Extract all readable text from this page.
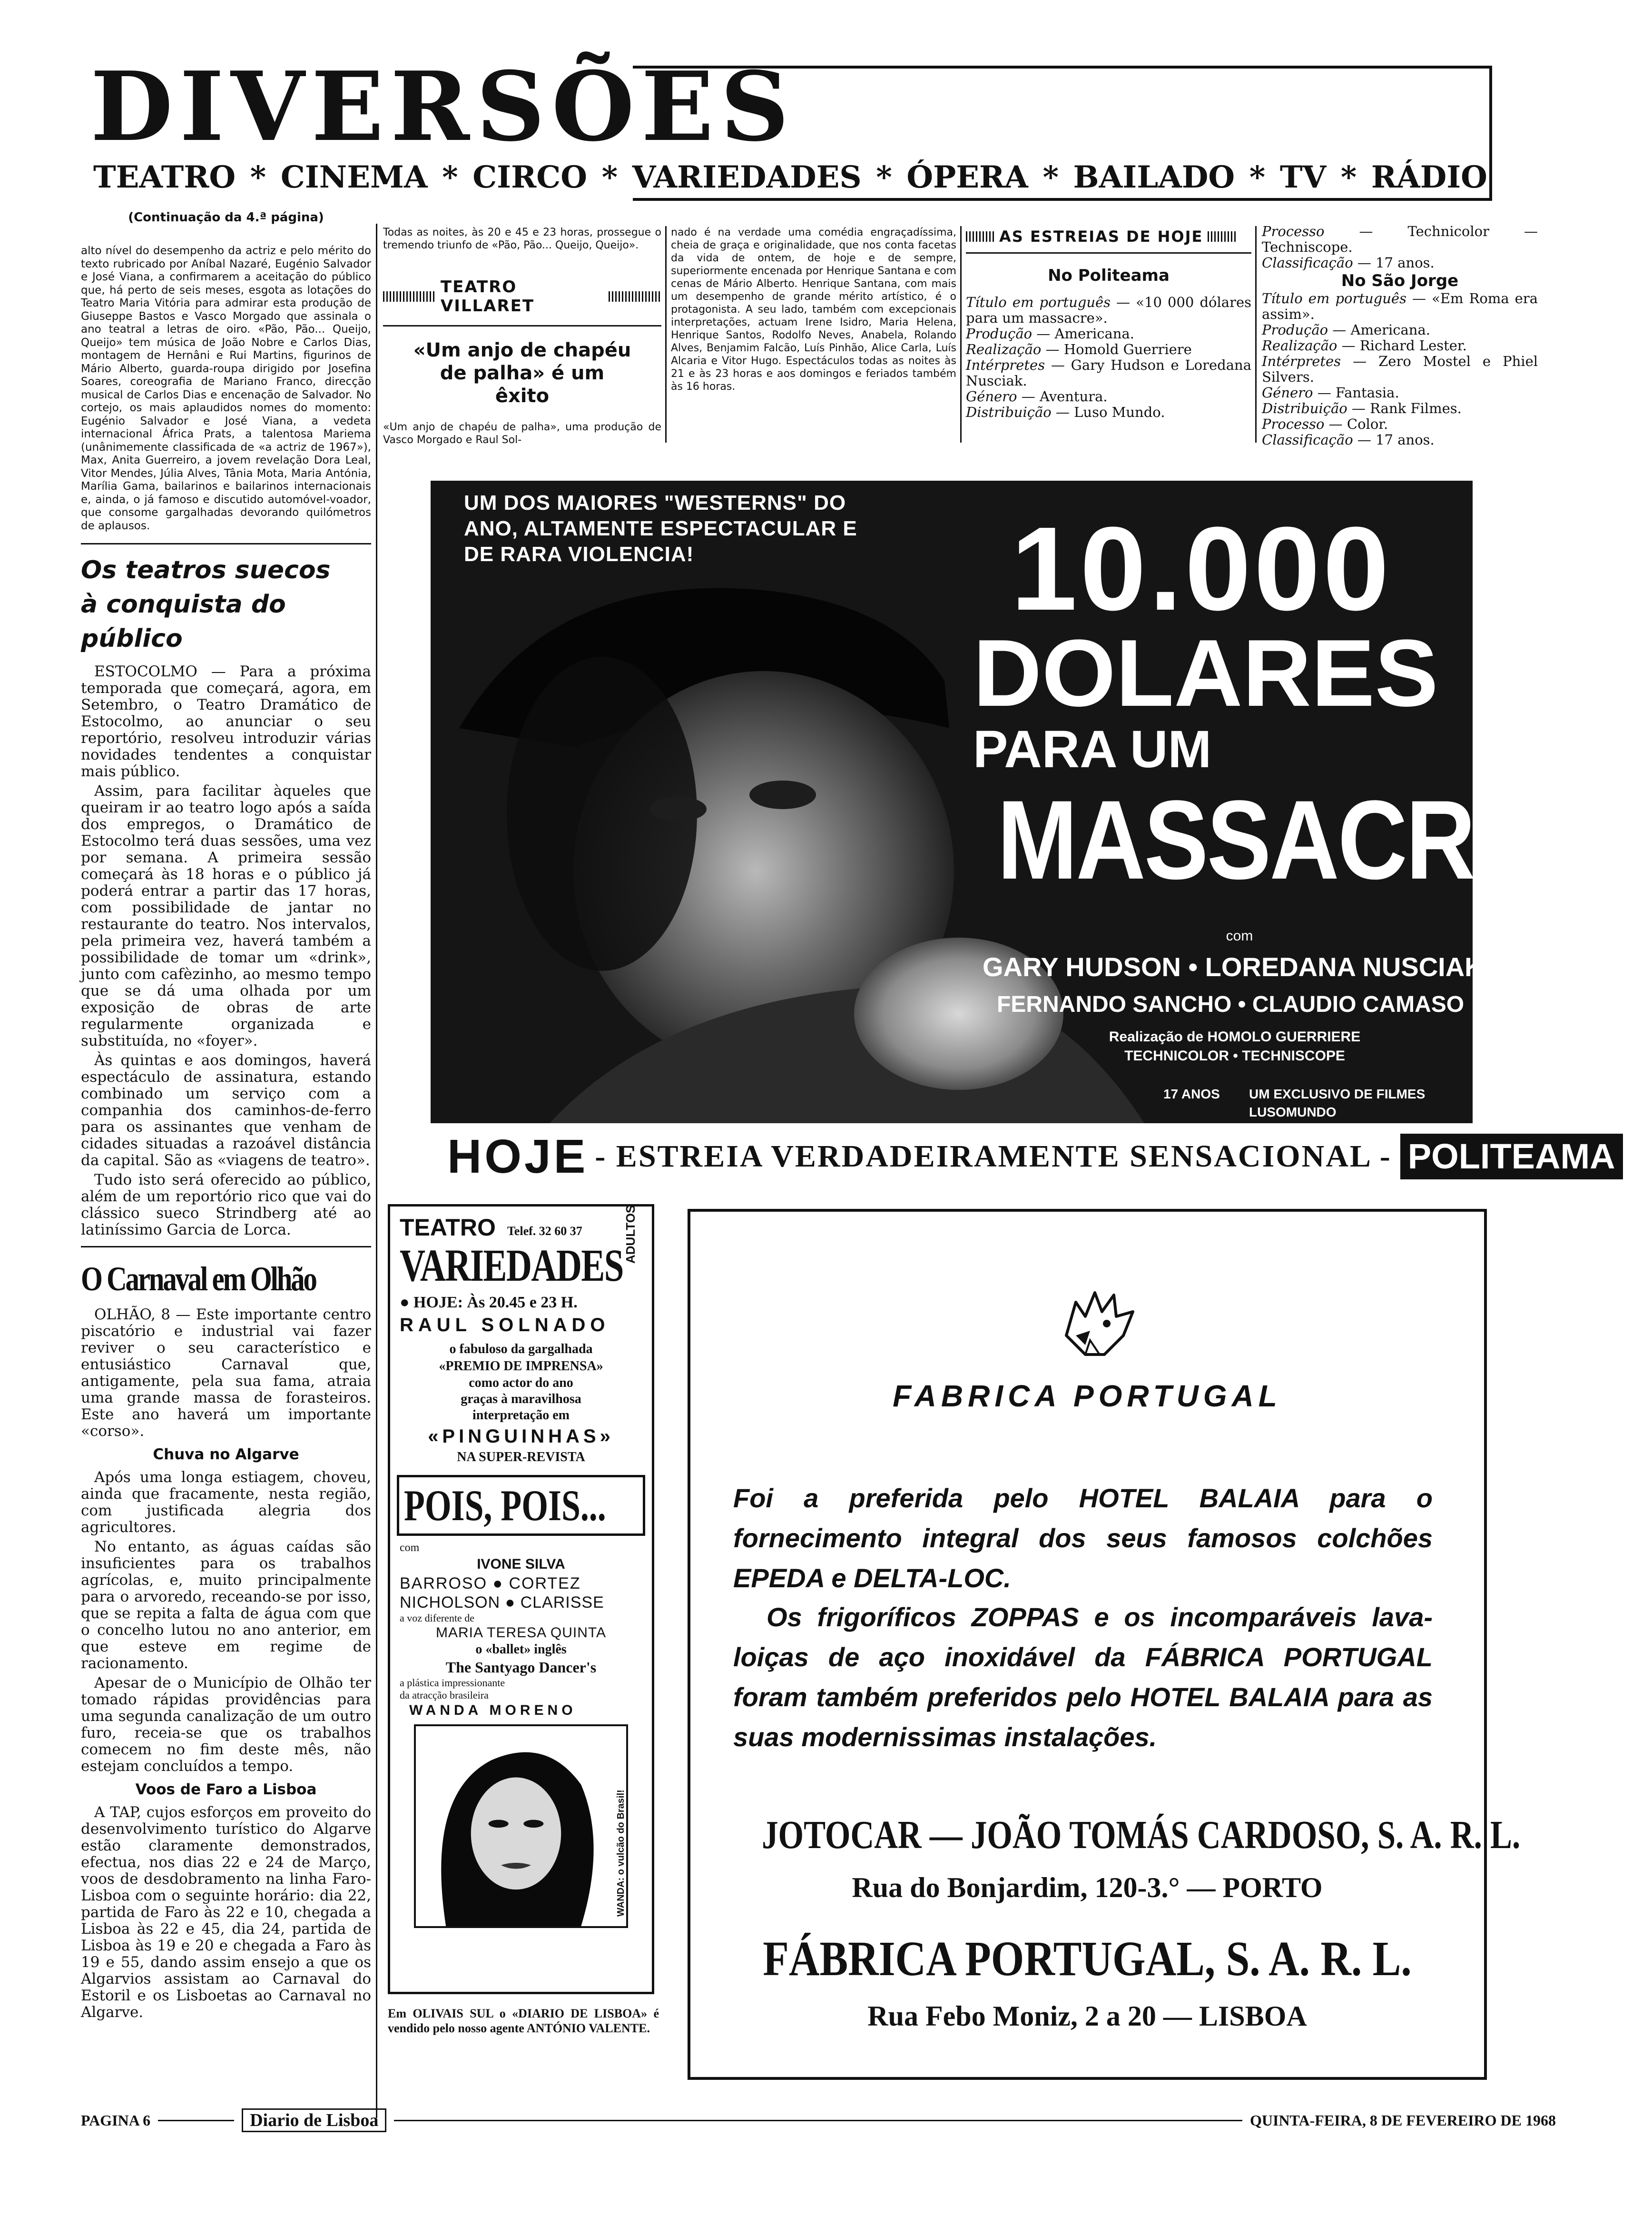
DIVERSÕES
TEATRO * CINEMA * CIRCO * VARIEDADES * ÓPERA * BAILADO * TV * RÁDIO
(Continuação da 4.ª página)
alto nível do desempenho da actriz e pelo mérito do texto rubricado por Aníbal Nazaré, Eugénio Salvador e José Viana, a confirmarem a aceitação do público que, há perto de seis meses, esgota as lotações do Teatro Maria Vitória para admirar esta produção de Giuseppe Bastos e Vasco Morgado que assinala o ano teatral a letras de oiro. «Pão, Pão... Queijo, Queijo» tem música de João Nobre e Carlos Dias, montagem de Hernâni e Rui Martins, figurinos de Mário Alberto, guarda-roupa dirigido por Josefina Soares, coreografia de Mariano Franco, direcção musical de Carlos Dias e encenação de Salvador. No cortejo, os mais aplaudidos nomes do momento: Eugénio Salvador e José Viana, a vedeta internacional África Prats, a talentosa Mariema (unânimemente classificada de «a actriz de 1967»), Max, Anita Guerreiro, a jovem revelação Dora Leal, Vitor Mendes, Júlia Alves, Tânia Mota, Maria Antónia, Marília Gama, bailarinos e bailarinos internacionais e, ainda, o já famoso e discutido automóvel-voador, que consome gargalhadas devorando quilómetros de aplausos.
Os teatros suecos
à conquista do público

ESTOCOLMO — Para a próxima temporada que começará, agora, em Setembro, o Teatro Dramático de Estocolmo, ao anunciar o seu reportório, resolveu introduzir várias novidades tendentes a conquistar mais público.

Assim, para facilitar àqueles que queiram ir ao teatro logo após a saída dos empregos, o Dramático de Estocolmo terá duas sessões, uma vez por semana. A primeira sessão começará às 18 horas e o público já poderá entrar a partir das 17 horas, com possibilidade de jantar no restaurante do teatro. Nos intervalos, pela primeira vez, haverá também a possibilidade de tomar um «drink», junto com cafèzinho, ao mesmo tempo que se dá uma olhada por um exposição de obras de arte regularmente organizada e substituída, no «foyer».

Às quintas e aos domingos, haverá espectáculo de assinatura, estando combinado um serviço com a companhia dos caminhos-de-ferro para os assinantes que venham de cidades situadas a razoável distância da capital. São as «viagens de teatro».

Tudo isto será oferecido ao público, além de um reportório rico que vai do clássico sueco Strindberg até ao latiníssimo Garcia de Lorca.

O Carnaval em Olhão

OLHÃO, 8 — Este importante centro piscatório e industrial vai fazer reviver o seu característico e entusiástico Carnaval que, antigamente, pela sua fama, atraia uma grande massa de forasteiros. Este ano haverá um importante «corso».

Chuva no Algarve

Após uma longa estiagem, choveu, ainda que fracamente, nesta região, com justificada alegria dos agricultores.

No entanto, as águas caídas são insuficientes para os trabalhos agrícolas, e, muito principalmente para o arvoredo, receando-se por isso, que se repita a falta de água com que o concelho lutou no ano anterior, em que esteve em regime de racionamento.

Apesar de o Município de Olhão ter tomado rápidas providências para uma segunda canalização de um outro furo, receia-se que os trabalhos comecem no fim deste mês, não estejam concluídos a tempo.

Voos de Faro a Lisboa

A TAP, cujos esforços em proveito do desenvolvimento turístico do Algarve estão claramente demonstrados, efectua, nos dias 22 e 24 de Março, voos de desdobramento na linha Faro-Lisboa com o seguinte horário: dia 22, partida de Faro às 22 e 10, chegada a Lisboa às 22 e 45, dia 24, partida de Lisboa às 19 e 20 e chegada a Faro às 19 e 55, dando assim ensejo a que os Algarvios assistam ao Carnaval do Estoril e os Lisboetas ao Carnaval no Algarve.

Todas as noites, às 20 e 45 e 23 horas, prossegue o tremendo triunfo de «Pão, Pão... Queijo, Queijo».
TEATRO VILLARET
«Um anjo de chapéu de palha» é um êxito
«Um anjo de chapéu de palha», uma produção de Vasco Morgado e Raul Sol-
nado é na verdade uma comédia engraçadíssima, cheia de graça e originalidade, que nos conta facetas da vida de ontem, de hoje e de sempre, superiormente encenada por Henrique Santana e com cenas de Mário Alberto. Henrique Santana, com mais um desempenho de grande mérito artístico, é o protagonista. A seu lado, também com excepcionais interpretações, actuam Irene Isidro, Maria Helena, Henrique Santos, Rodolfo Neves, Anabela, Rolando Alves, Benjamim Falcão, Luís Pinhão, Alice Carla, Luís Alcaria e Vitor Hugo. Espectáculos todas as noites às 21 e às 23 horas e aos domingos e feriados também às 16 horas.
AS ESTREIAS DE HOJE
No Politeama
Título em português — «10 000 dólares para um massacre».
Produção — Americana.
Realização — Homold Guerriere
Intérpretes — Gary Hudson e Loredana Nusciak.
Género — Aventura.
Distribuição — Luso Mundo.
Processo — Technicolor — Techniscope.
Classificação — 17 anos.
No São Jorge
Título em português — «Em Roma era assim».
Produção — Americana.
Realização — Richard Lester.
Intérpretes — Zero Mostel e Phiel Silvers.
Género — Fantasia.
Distribuição — Rank Filmes.
Processo — Color.
Classificação — 17 anos.
UM DOS MAIORES "WESTERNS" DO ANO, ALTAMENTE ESPECTACULAR E DE RARA VIOLENCIA!	10.000
DOLARES
PARA UM
MASSACRE
com
GARY HUDSON • LOREDANA NUSCIAK
FERNANDO SANCHO • CLAUDIO CAMASO
Realização de HOMOLO GUERRIERE
TECHNICOLOR • TECHNISCOPE
17 ANOS UM EXCLUSIVO DE FILMES LUSOMUNDO
HOJE - ESTREIA VERDADEIRAMENTE SENSACIONAL - POLITEAMA
TEATRO Telef. 32 60 37	ADULTOS
VARIEDADES
● HOJE: Às 20.45 e 23 H.
RAUL SOLNADO
o fabuloso da gargalhada
«PREMIO DE IMPRENSA»
como actor do ano
graças à maravilhosa
interpretação em
«PINGUINHAS»
NA SUPER-REVISTA
POIS, POIS...
com
IVONE SILVA
BARROSO ● CORTEZ
NICHOLSON ● CLARISSE
a voz diferente de
MARIA TERESA QUINTA
o «ballet» inglês
The Santyago Dancer's
a plástica impressionante
da atracção brasileira
WANDA MORENO
WANDA: o vulcão do Brasil!
Em OLIVAIS SUL o «DIARIO DE LISBOA» é vendido pelo nosso agente ANTÓNIO VALENTE.
FABRICA PORTUGAL
Foi a preferida pelo HOTEL BALAIA para o fornecimento integral dos seus famosos colchões EPEDA e DELTA-LOC.
Os frigoríficos ZOPPAS e os incomparáveis lava-loiças de aço inoxidável da FÁBRICA PORTUGAL foram também preferidos pelo HOTEL BALAIA para as suas modernissimas instalações.
JOTOCAR — JOÃO TOMÁS CARDOSO, S. A. R. L.
Rua do Bonjardim, 120-3.° — PORTO
FÁBRICA PORTUGAL, S. A. R. L.
Rua Febo Moniz, 2 a 20 — LISBOA
PAGINA 6	Diario de Lisboa	QUINTA-FEIRA, 8 DE FEVEREIRO DE 1968
